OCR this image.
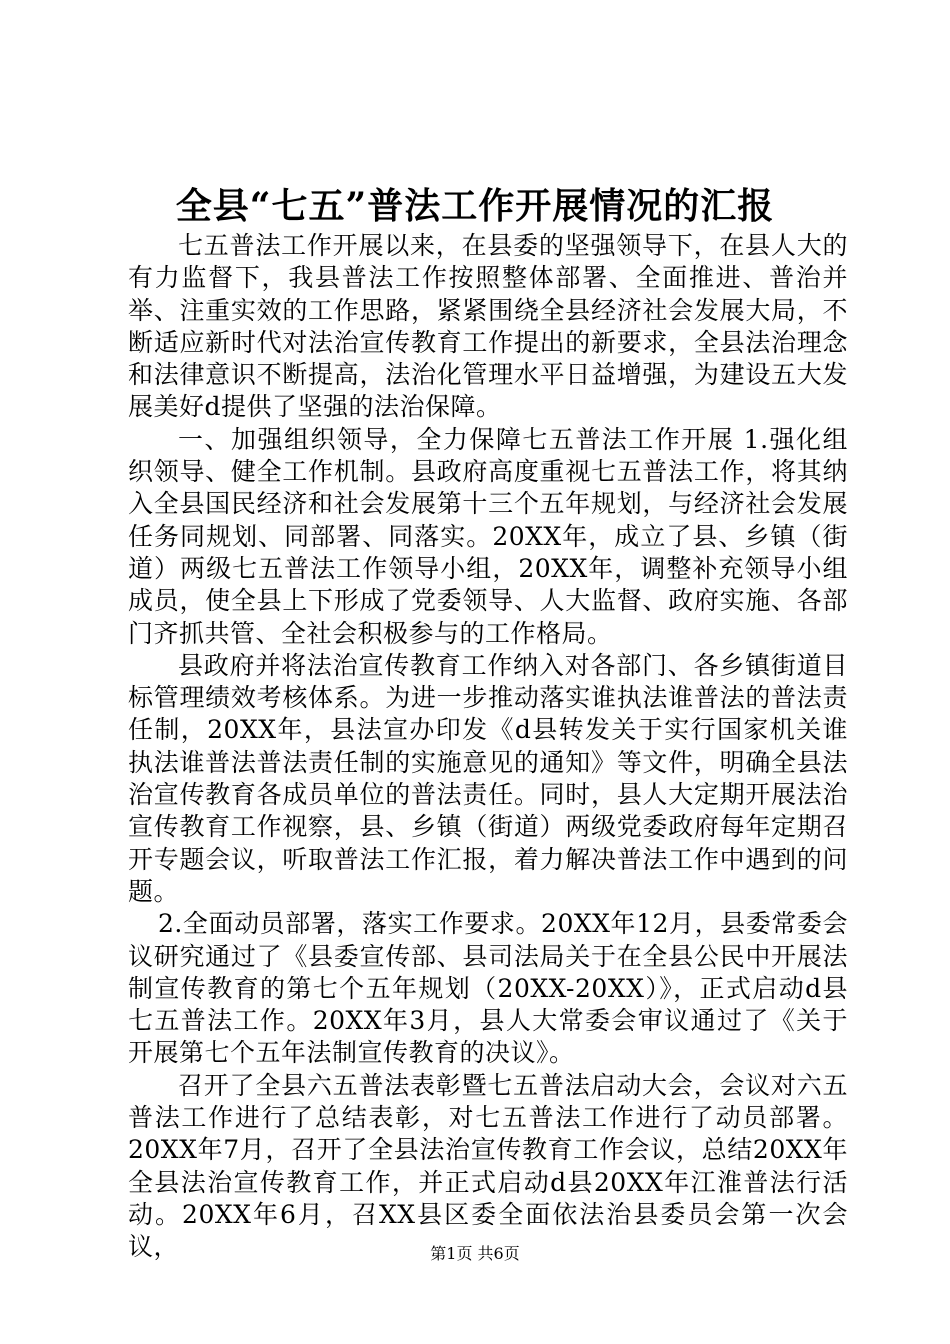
全县“七五”普法工作开展情况的汇报

七五普法工作开展以来，在县委的坚强领导下，在县人大的有力监督下，我县普法工作按照整体部署、全面推进、普治并举、注重实效的工作思路，紧紧围绕全县经济社会发展大局，不断适应新时代对法治宣传教育工作提出的新要求，全县法治理念和法律意识不断提高，法治化管理水平日益增强，为建设五大发展美好d提供了坚强的法治保障。

一、加强组织领导，全力保障七五普法工作开展 1.强化组织领导、健全工作机制。县政府高度重视七五普法工作，将其纳入全县国民经济和社会发展第十三个五年规划，与经济社会发展任务同规划、同部署、同落实。20XX年，成立了县、乡镇（街道）两级七五普法工作领导小组，20XX年，调整补充领导小组成员，使全县上下形成了党委领导、人大监督、政府实施、各部门齐抓共管、全社会积极参与的工作格局。

县政府并将法治宣传教育工作纳入对各部门、各乡镇街道目标管理绩效考核体系。为进一步推动落实谁执法谁普法的普法责任制，20XX年，县法宣办印发《d县转发关于实行国家机关谁执法谁普法普法责任制的实施意见的通知》等文件，明确全县法治宣传教育各成员单位的普法责任。同时，县人大定期开展法治宣传教育工作视察，县、乡镇（街道）两级党委政府每年定期召开专题会议，听取普法工作汇报，着力解决普法工作中遇到的问题。

2.全面动员部署，落实工作要求。20XX年12月，县委常委会议研究通过了《县委宣传部、县司法局关于在全县公民中开展法制宣传教育的第七个五年规划（20XX-20XX）》，正式启动d县七五普法工作。20XX年3月，县人大常委会审议通过了《关于开展第七个五年法制宣传教育的决议》。

召开了全县六五普法表彰暨七五普法启动大会，会议对六五普法工作进行了总结表彰，对七五普法工作进行了动员部署。20XX年7月，召开了全县法治宣传教育工作会议，总结20XX年全县法治宣传教育工作，并正式启动d县20XX年江淮普法行活动。20XX年6月，召XX县区委全面依法治县委员会第一次会议，	第1页 共6页
